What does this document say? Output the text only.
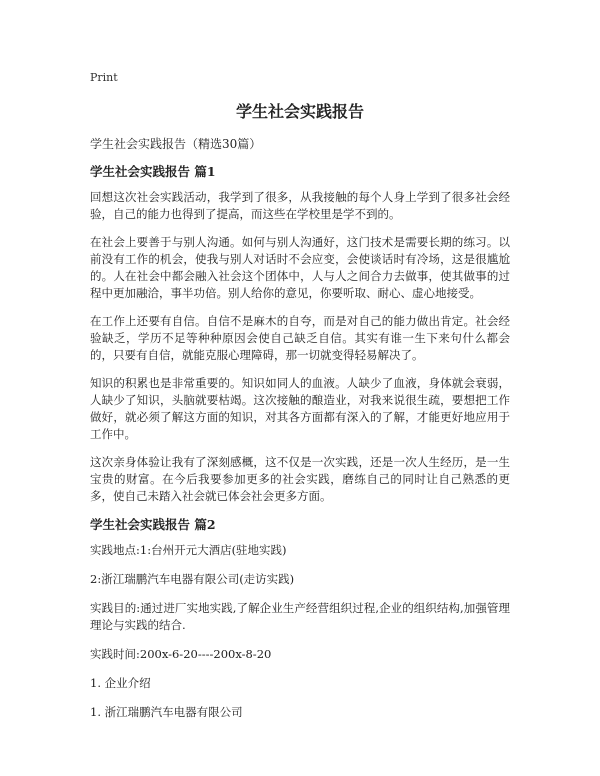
Print
学生社会实践报告
学生社会实践报告（精选30篇）
学生社会实践报告 篇1

回想这次社会实践活动，我学到了很多，从我接触的每个人身上学到了很多社会经验，自己的能力也得到了提高，而这些在学校里是学不到的。

在社会上要善于与别人沟通。如何与别人沟通好，这门技术是需要长期的练习。以前没有工作的机会，使我与别人对话时不会应变，会使谈话时有冷场，这是很尴尬的。人在社会中都会融入社会这个团体中，人与人之间合力去做事，使其做事的过程中更加融洽，事半功倍。别人给你的意见，你要听取、耐心、虚心地接受。

在工作上还要有自信。自信不是麻木的自夸，而是对自己的能力做出肯定。社会经验缺乏，学历不足等种种原因会使自己缺乏自信。其实有谁一生下来句什么都会的，只要有自信，就能克服心理障碍，那一切就变得轻易解决了。

知识的积累也是非常重要的。知识如同人的血液。人缺少了血液，身体就会衰弱，人缺少了知识，头脑就要枯竭。这次接触的酿造业，对我来说很生疏，要想把工作做好，就必须了解这方面的知识，对其各方面都有深入的了解，才能更好地应用于工作中。

这次亲身体验让我有了深刻感概，这不仅是一次实践，还是一次人生经历，是一生宝贵的财富。在今后我要参加更多的社会实践，磨练自己的同时让自己熟悉的更多，使自己未踏入社会就已体会社会更多方面。

学生社会实践报告 篇2

实践地点:1:台州开元大酒店(驻地实践)

2:浙江瑞鹏汽车电器有限公司(走访实践)

实践目的:通过进厂实地实践,了解企业生产经营组织过程,企业的组织结构,加强管理理论与实践的结合.

实践时间:200x-6-20----200x-8-20

1. 企业介绍

1. 浙江瑞鹏汽车电器有限公司
